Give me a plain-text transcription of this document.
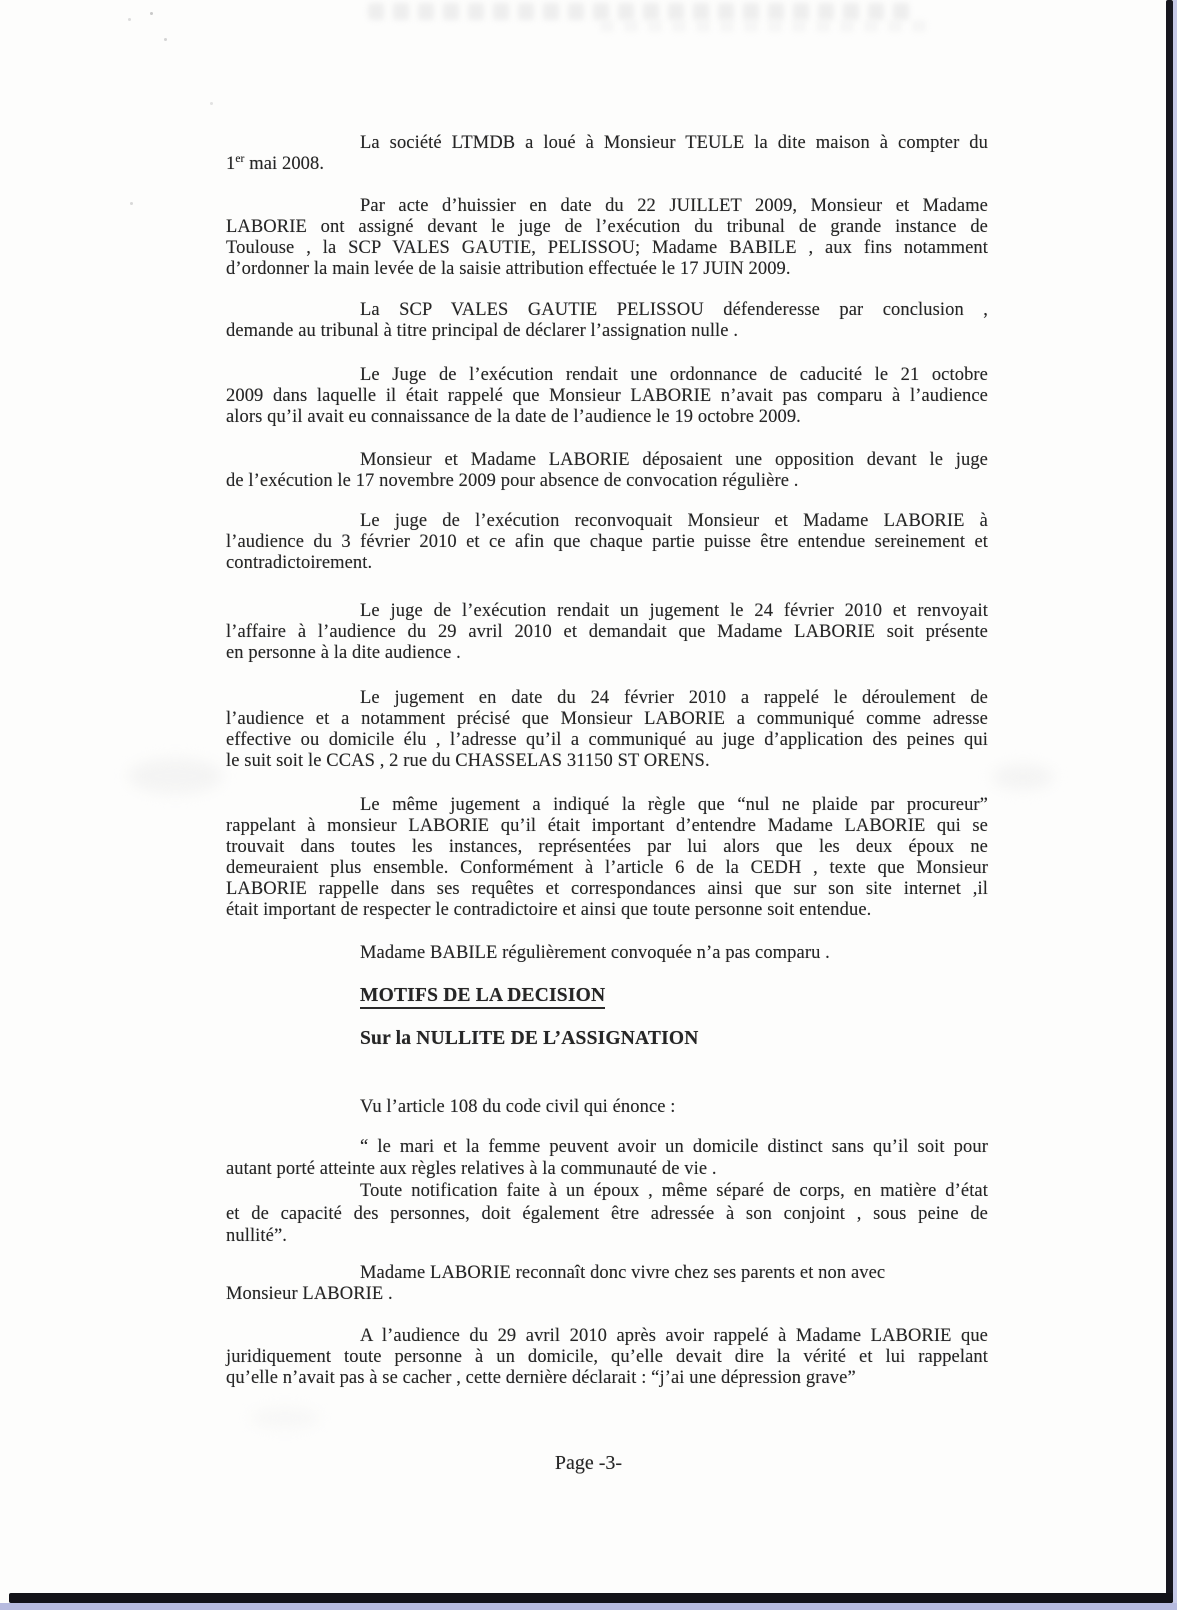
La société LTMDB a loué à Monsieur TEULE la dite maison à compter du
1er mai 2008.
Par acte d’huissier en date du 22 JUILLET 2009, Monsieur et Madame
LABORIE ont assigné devant le juge de l’exécution du tribunal de grande instance de
Toulouse , la SCP VALES GAUTIE, PELISSOU; Madame BABILE , aux fins notamment
d’ordonner la main levée de la saisie attribution effectuée le 17 JUIN 2009.
La SCP VALES GAUTIE PELISSOU défenderesse par conclusion ,
demande au tribunal à titre principal de déclarer l’assignation nulle .
Le Juge de l’exécution rendait une ordonnance de caducité le 21 octobre
2009 dans laquelle il était rappelé que Monsieur LABORIE n’avait pas comparu à l’audience
alors qu’il avait eu connaissance de la date de l’audience le 19 octobre 2009.
Monsieur et Madame LABORIE déposaient une opposition devant le juge
de l’exécution le 17 novembre 2009 pour absence de convocation régulière .
Le juge de l’exécution reconvoquait Monsieur et Madame LABORIE à
l’audience du 3 février 2010 et ce afin que chaque partie puisse être entendue sereinement et
contradictoirement.
Le juge de l’exécution rendait un jugement le 24 février 2010 et renvoyait
l’affaire à l’audience du 29 avril 2010 et demandait que Madame LABORIE soit présente
en personne à la dite audience .
Le jugement en date du 24 février 2010 a rappelé le déroulement de
l’audience et a notamment précisé que Monsieur LABORIE a communiqué comme adresse
effective ou domicile élu , l’adresse qu’il a communiqué au juge d’application des peines qui
le suit soit le CCAS , 2 rue du CHASSELAS 31150 ST ORENS.
Le même jugement a indiqué la règle que “nul ne plaide par procureur”
rappelant à monsieur LABORIE qu’il était important d’entendre Madame LABORIE qui se
trouvait dans toutes les instances, représentées par lui alors que les deux époux ne
demeuraient plus ensemble. Conformément à l’article 6 de la CEDH , texte que Monsieur
LABORIE rappelle dans ses requêtes et correspondances ainsi que sur son site internet ,il
était important de respecter le contradictoire et ainsi que toute personne soit entendue.
Madame BABILE régulièrement convoquée n’a pas comparu .
MOTIFS DE LA DECISION
Sur la NULLITE DE L’ASSIGNATION
Vu l’article 108 du code civil qui énonce :
“ le mari et la femme peuvent avoir un domicile distinct sans qu’il soit pour
autant porté atteinte aux règles relatives à la communauté de vie .
Toute notification faite à un époux , même séparé de corps, en matière d’état
et de capacité des personnes, doit également être adressée à son conjoint , sous peine de
nullité”.
Madame LABORIE reconnaît donc vivre chez ses parents et non avec
Monsieur LABORIE .
A l’audience du 29 avril 2010 après avoir rappelé à Madame LABORIE que
juridiquement toute personne à un domicile, qu’elle devait dire la vérité et lui rappelant
qu’elle n’avait pas à se cacher , cette dernière déclarait : “j’ai une dépression grave”
Page -3-
